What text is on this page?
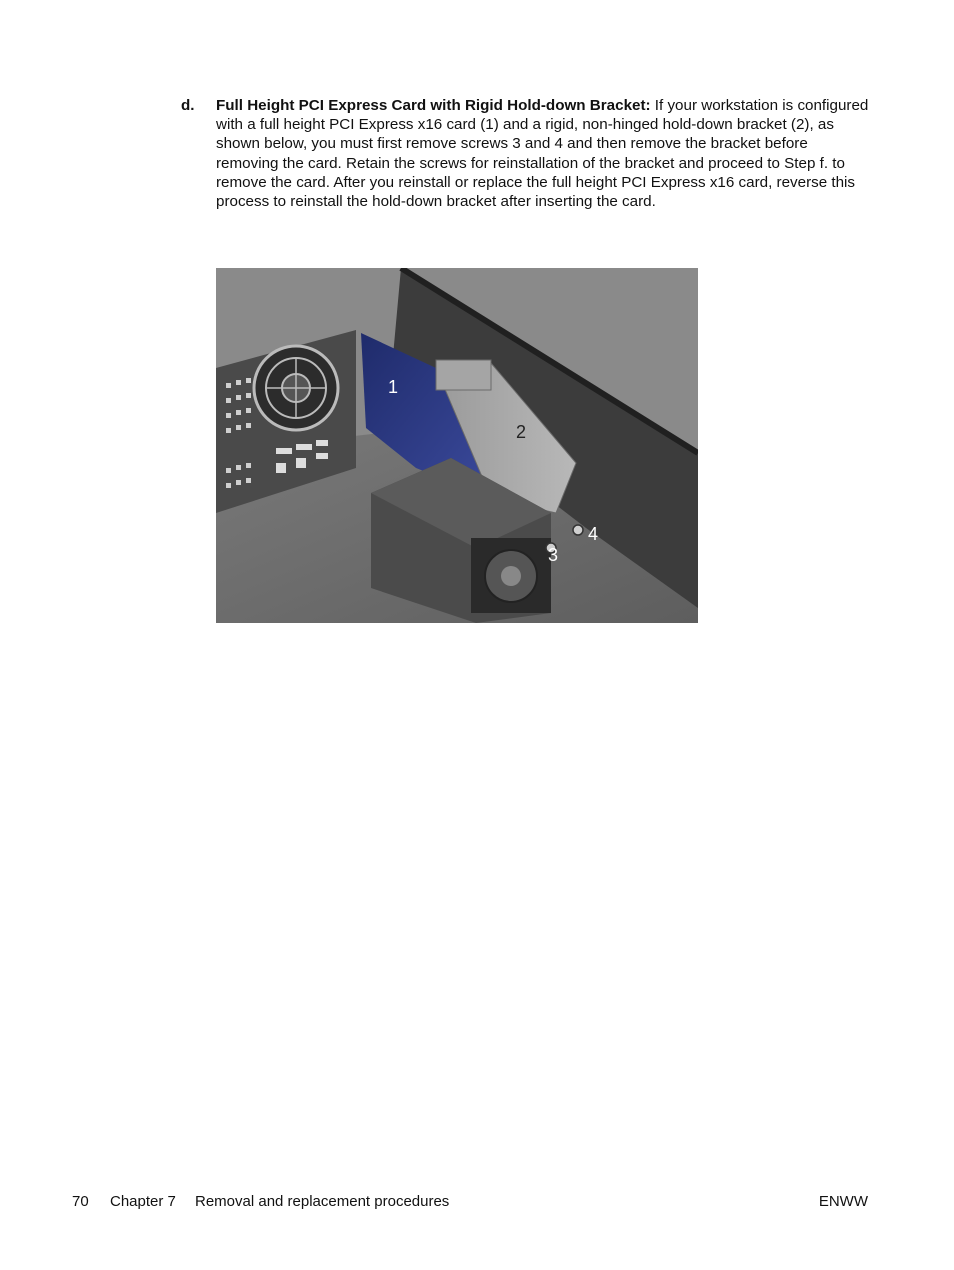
d. Full Height PCI Express Card with Rigid Hold-down Bracket: If your workstation is configured with a full height PCI Express x16 card (1) and a rigid, non-hinged hold-down bracket (2), as shown below, you must first remove screws 3 and 4 and then remove the bracket before removing the card. Retain the screws for reinstallation of the bracket and proceed to Step f. to remove the card. After you reinstall or replace the full height PCI Express x16 card, reverse this process to reinstall the hold-down bracket after inserting the card.
1
2
3
4
70 Chapter 7 Removal and replacement procedures	ENWW
